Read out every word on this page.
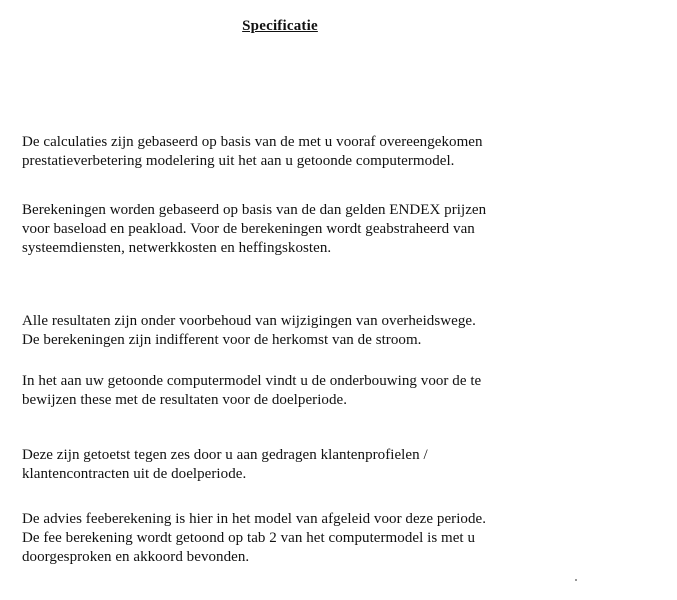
Specificatie

De calculaties zijn gebaseerd op basis van de met u vooraf overeengekomen
prestatieverbetering modelering uit het aan u getoonde computermodel.

Berekeningen worden gebaseerd op basis van de dan gelden ENDEX prijzen
voor baseload en peakload. Voor de berekeningen wordt geabstraheerd van
systeemdiensten, netwerkkosten en heffingskosten.

Alle resultaten zijn onder voorbehoud van wijzigingen van overheidswege.
De berekeningen zijn indifferent voor de herkomst van de stroom.

In het aan uw getoonde computermodel vindt u de onderbouwing voor de te
bewijzen these met de resultaten voor de doelperiode.

Deze zijn getoetst tegen zes door u aan gedragen klantenprofielen /
klantencontracten uit de doelperiode.

De advies feeberekening is hier in het model van afgeleid voor deze periode.
De fee berekening wordt getoond op tab 2 van het computermodel is met u
doorgesproken en akkoord bevonden.
